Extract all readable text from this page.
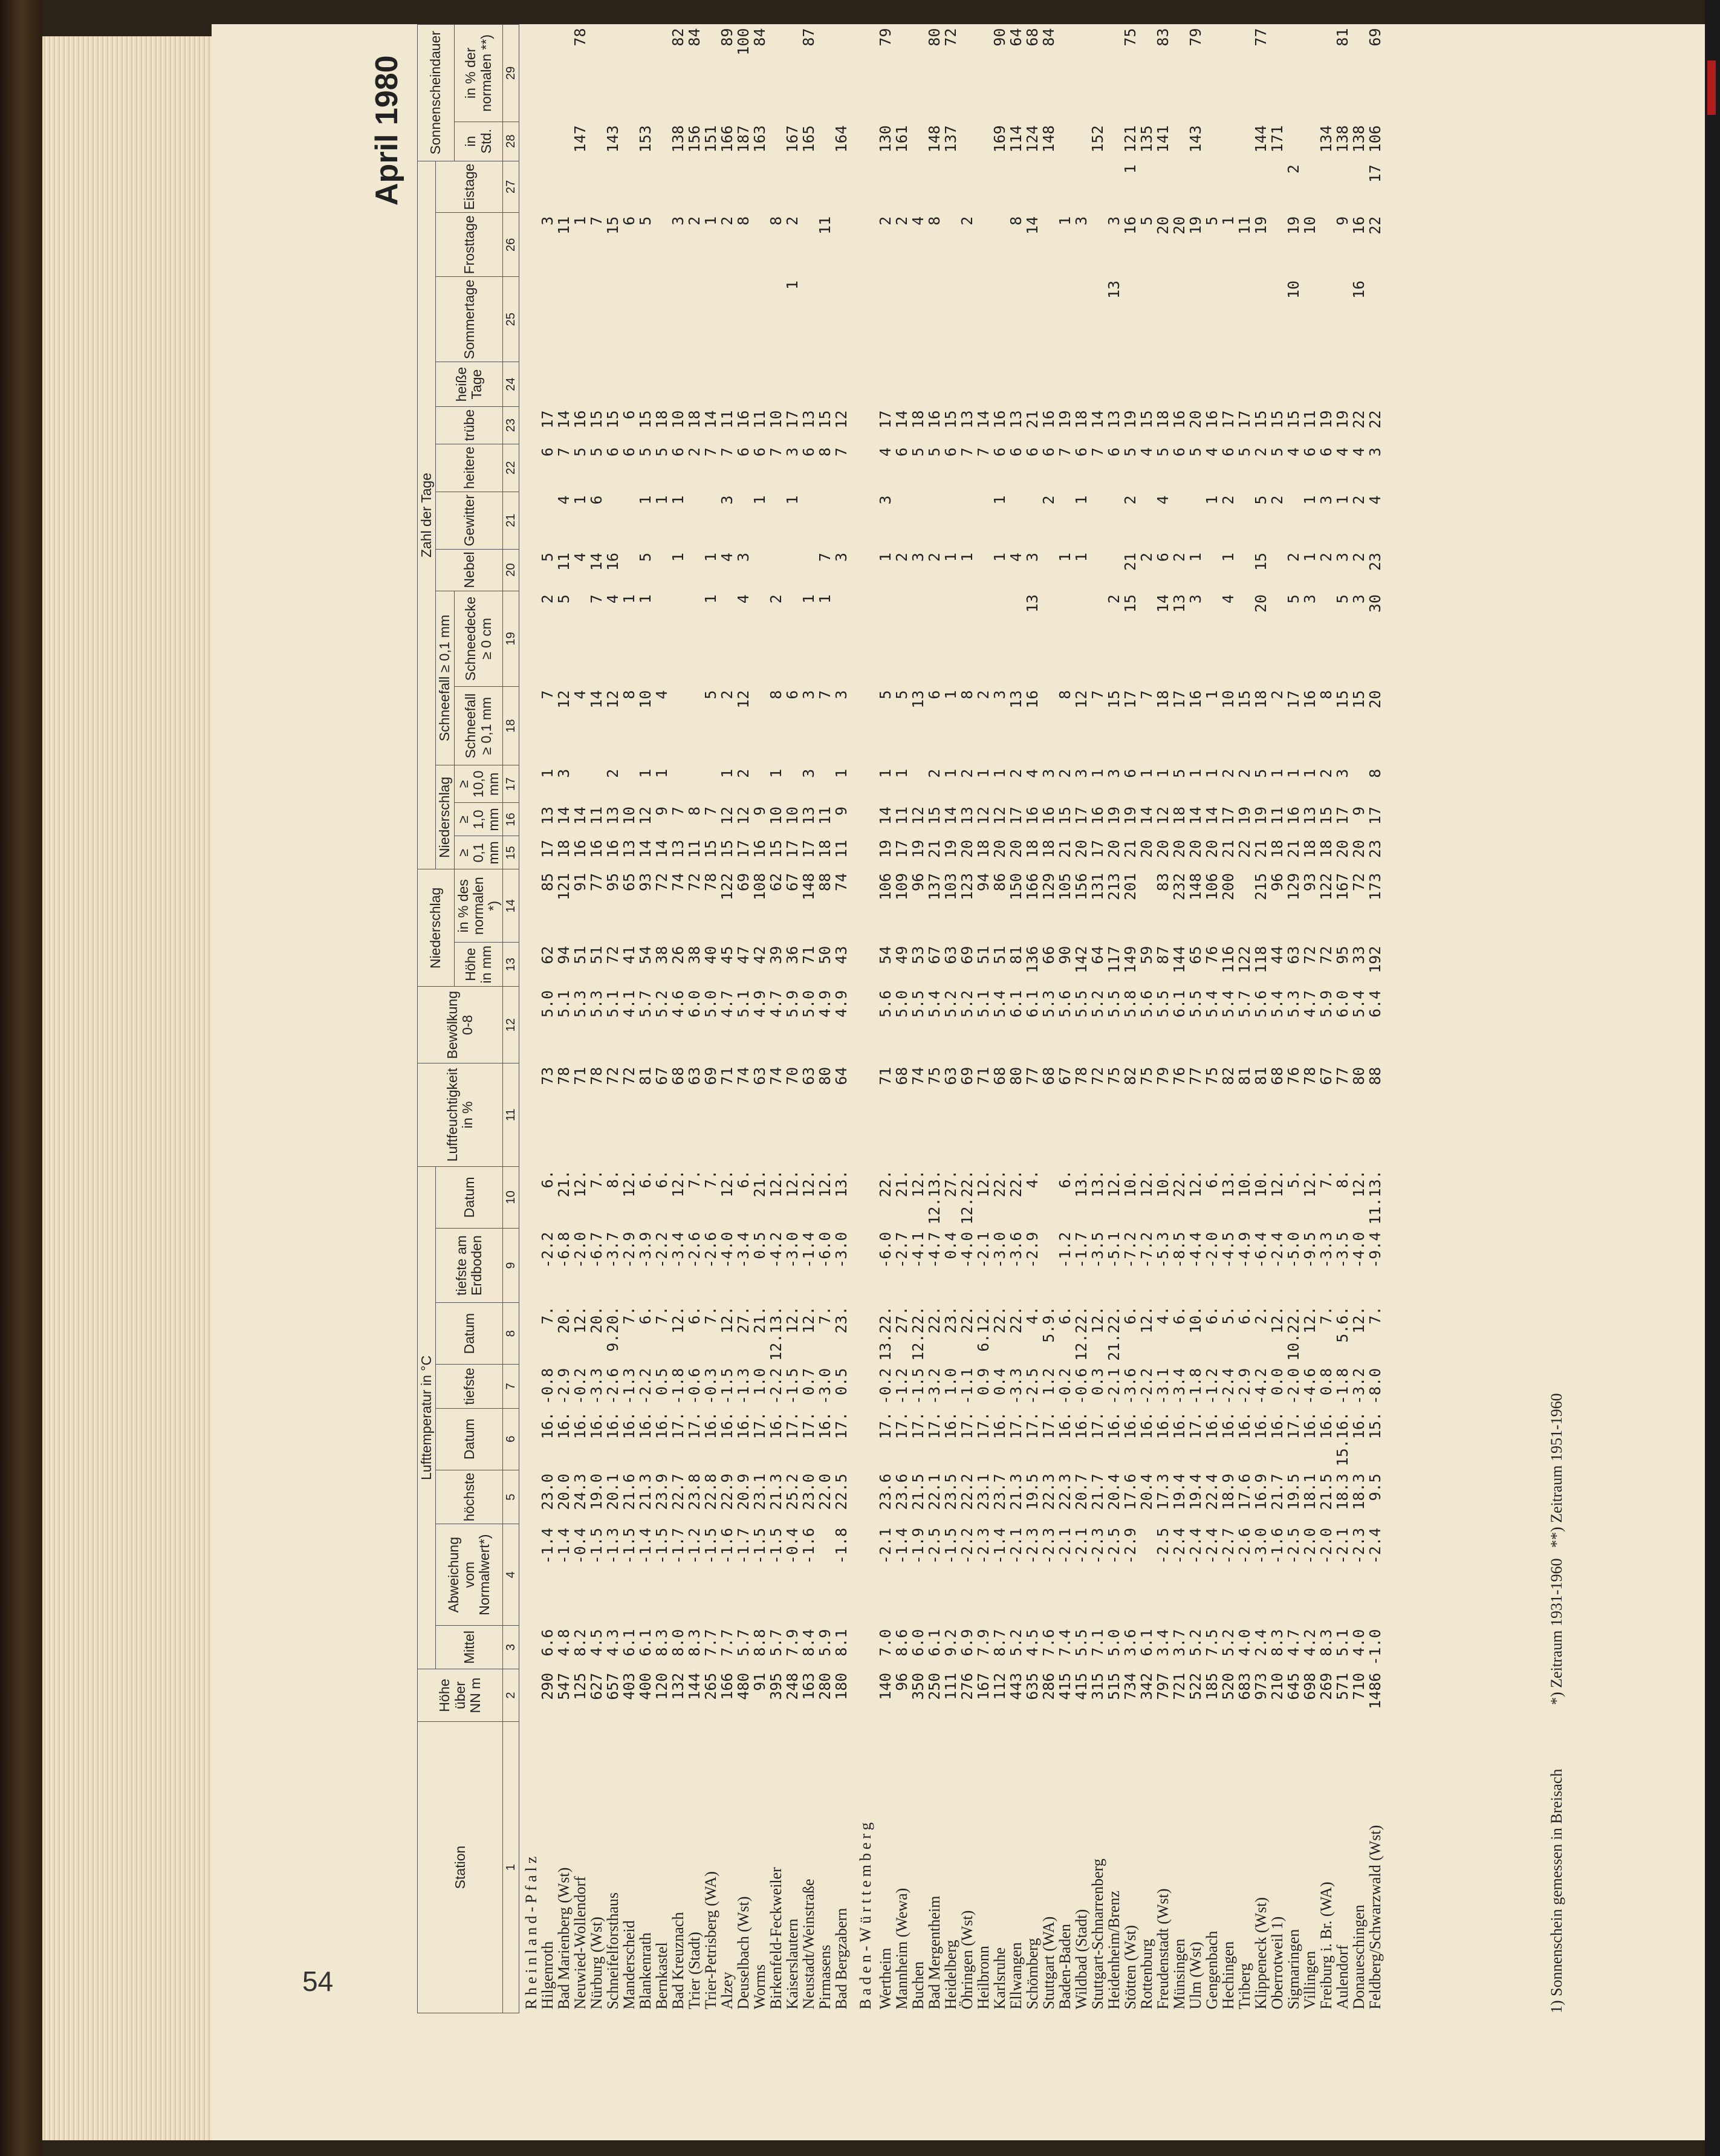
54
April 1980
Station	Höhe über NN m	Lufttemperatur in °C								Luftfeuchtigkeit in %	Bewölkung 0-8	Niederschlag		Zahl der Tage													Sonnenscheindauer	
		Mittel	Abweichung vom Normalwert*)	höchste	Datum	tiefste	Datum	tiefste am Erdboden	Datum					Niederschlag			Schneefall ≥ 0,1 mm		Nebel	Gewitter	heitere	trübe	heiße Tage	Sommertage	Frosttage	Eistage		
												Höhe in mm	in % des normalen *)	≥ 0,1 mm	≥ 1,0 mm	≥ 10,0 mm	Schneefall ≥ 0,1 mm	Schneedecke ≥ 0 cm									in Std.	in % der normalen **)
1	2	3	4	5	6	7	8	9	10	11	12	13	14	15	16	17	18	19	20	21	22	23	24	25	26	27	28	29
Rheinland-Pfalz																												
Hilgenroth	290	6.6	-1.4	23.0	16.	-0.8	7.	-2.2	6.	73	5.0	62	85	17	13	1	7	2	5		6	17			3			
Bad Marienberg (Wst)	547	4.8	-1.4	20.0	16.	-2.9	20.	-6.8	21.	78	5.1	94	121	18	14	3	12	5	11	4	7	14			11			
Neuwied-Wollendorf	125	8.2	-0.4	24.3	16.	-0.2	12.	-2.0	12.	71	5.3	51	91	16	14		4		4	1	5	16			1		147	78
Nürburg (Wst)	627	4.5	-1.5	19.0	16.	-3.3	20.	-6.7	7.	78	5.3	51	77	16	11		14	7	14	6	5	15			7			
Schneifelforsthaus	657	4.3	-1.3	20.1	16.	-2.6	9.20.	-3.7	8.	72	5.1	72	95	16	13	2	12	4	16		6	15			15		143	
Manderscheid	403	6.1	-1.5	21.6	16.	-1.3	7.	-2.9	12.	72	4.1	41	65	13	10		8	1			6	6			6			
Blankenrath	400	6.1	-1.4	21.3	16.	-2.2	6.	-3.9	6.	81	5.7	54	93	14	12	1	10	1	5	1	5	15			5		153	
Bernkastel	120	8.3	-1.5	23.9	16.	0.5	7.	-2.2	6.	67	5.2	38	72	14	9	1	4			1	5	18						
Bad Kreuznach	132	8.0	-1.7	22.7	17.	-1.8	12.	-3.4	12.	68	4.6	26	74	13	7				1	1	6	10			3		138	82
Trier (Stadt)	144	8.3	-1.2	23.8	17.	-0.6	6.	-2.6	7.	63	6.0	38	72	11	8						2	18			2		156	84
Trier-Petrisberg (WA)	265	7.7	-1.5	22.8	16.	-0.3	7.	-2.6	7.	69	5.0	40	78	15	7		5	1	1		7	14			1		151	
Alzey	166	7.7	-1.6	22.9	16.	-1.5	12.	-4.0	12.	71	4.7	45	122	15	12	1	2		4	3	7	11			2		166	89
Deuselbach (Wst)	480	5.7	-1.7	20.9	16.	-1.3	27.	-3.4	6.	74	5.1	47	69	17	12	2	12	4	3		6	16			8		187	100
Worms	91	8.8	-1.5	23.1	17.	1.0	21.	0.5	21.	63	4.9	42	108	16	9					1	6	11					163	84
Birkenfeld-Feckweiler	395	5.7	-1.5	21.3	16.	-2.2	12.13.	-4.2	12.	74	4.7	39	62	15	10	1	8	2			7	10			8			
Kaiserslautern	248	7.9	-0.4	25.2	17.	-1.5	12.	-3.0	12.	70	5.9	36	67	17	10		6			1	3	17		1	2		167	
Neustadt/Weinstraße	163	8.4	-1.6	23.0	17.	0.7	12.	-1.4	12.	63	5.0	71	148	17	13	3	3	1			6	13					165	87
Pirmasens	280	5.9		22.0	16.	-3.0	7.	-6.0	12.	80	4.9	50	88	18	11		7	1	7		8	15			11			
Bad Bergzabern	180	8.1	-1.8	22.5	17.	0.5	23.	-3.0	13.	64	4.9	43	74	11	9	1	3		3		7	12					164	
Baden-Württemberg																												
Wertheim	140	7.0	-2.1	23.6	17.	-0.2	13.22.	-6.0	22.	71	5.6	54	106	19	14	1	5		1	3	4	17			2		130	79
Mannheim (Wewa)	96	8.6	-1.4	23.6	17.	-1.2	27.	-2.7	21.	68	5.0	49	109	17	11	1	5		2		6	14			2		161	
Buchen	350	6.0	-1.9	21.5	17.	-1.5	12.22.	-4.1	12.	74	5.5	53	96	19	12		13		3		5	18			4			
Bad Mergentheim	250	6.1	-2.5	22.1	17.	-3.2	22.	-4.7	12.13.	75	5.4	67	137	21	15	2	6		2		5	16			8		148	80
Heidelberg	111	9.2	-1.5	23.5	16.	1.0	23.	0.4	27.	63	5.2	63	103	19	14	1	1		1		6	15					137	72
Öhringen (Wst)	276	6.9	-2.2	22.2	17.	-1.1	22.	-4.0	12.22.	69	5.2	69	123	20	13	2	8		1		7	13			2			
Heilbronn	167	7.9	-2.3	23.1	17.	0.9	6.12.	-2.1	12.	71	5.1	51	94	18	12	1	2				7	14						
Karlsruhe	112	8.7	-1.4	23.7	16.	0.4	22.	-3.0	22.	68	5.4	51	86	20	12	1	3		1	1	6	16					169	90
Ellwangen	443	5.2	-2.1	21.3	17.	-3.3	22.	-3.6	22.	80	6.1	81	150	20	17	2	13		4		6	13			8		114	64
Schömberg	635	4.5	-2.3	19.5	17.	-2.5	4.	-2.9	4.	77	6.1	136	166	18	16	4	16	13	3		6	21			14		124	68
Stuttgart (WA)	286	7.6	-2.3	22.3	17.	1.2	5.9.			68	5.3	66	129	18	16	3				2	6	16					148	84
Baden-Baden	415	7.4	-2.1	22.3	16.	-0.2	6.	-1.2	6.	67	5.6	90	105	21	15	2	8		1		7	19			1			
Wildbad (Stadt)	415	5.5	-2.1	20.7	16.	-0.6	12.22.	-1.7	13.	78	5.5	142	156	20	17	3	12		1	1	6	18			3			
Stuttgart-Schnarrenberg	315	7.1	-2.3	21.7	17.	0.3	12.	-3.5	13.	72	5.2	64	131	17	16	1	7				7	14					152	
Heidenheim/Brenz	515	5.0	-2.5	20.4	16.	-2.1	21.22.	-5.1	12.	75	5.5	117	213	20	19	3	15	2			6	13		13	3			
Stötten (Wst)	734	3.6	-2.9	17.6	16.	-3.6	6.	-7.2	10.	82	5.8	149	201	21	19	6	17	15	21	2	5	19			16	1	121	75
Rottenburg	342	6.1		20.4	16.	-2.2	12.	-7.2	12.	75	5.6	59		20	14	1	7		2		4	15			5		135	
Freudenstadt (Wst)	797	3.4	-2.5	17.3	16.	-3.1	4.	-5.3	10.	79	5.5	87	83	20	12	1	18	14	6	4	5	18			20		141	83
Münsingen	721	3.7	-2.4	19.4	16.	-3.4	6.	-8.5	22.	76	6.1	144	232	20	18	5	17	13	2		6	16			20			
Ulm (Wst)	522	5.2	-2.4	19.4	17.	-1.8	10.	-4.4	12.	77	5.5	65	148	20	14	1	16	3	1		5	20			19		143	79
Gengenbach	185	7.5	-2.4	22.4	16.	-1.2	6.	-2.0	6.	75	5.4	76	106	20	14	1	1			1	4	16			5			
Hechingen	520	5.2	-2.7	18.9	16.	-2.4	5.	-4.5	13.	82	5.4	116	200	21	17	2	10	4	1	2	6	17			1			
Triberg	683	4.0	-2.6	17.6	16.	-2.9	6.	-4.9	10.	81	5.7	122		22	19	2	15				5	17			11			
Klippeneck (Wst)	973	2.4	-3.0	16.9	16.	-4.2	2.	-6.4	10.	81	5.6	118	215	21	19	5	18	20	15	5	2	15			19		144	77
Oberrotweil 1)	210	8.3	-1.6	21.7	16.	0.0	12.	-2.4	12.	68	5.4	44	96	18	11	1	2			2	5	15					171	
Sigmaringen	645	4.7	-2.5	19.5	17.	-2.0	10.22.	-5.0	5.	76	5.3	63	129	21	16	1	17	5	2		4	15		10	19	2		
Villingen	698	4.2	-2.0	18.1	16.	-4.6	12.	-9.5	12.	78	4.7	72	93	18	13	1	16	3	1	1	6	11			10			
Freiburg i. Br. (WA)	269	8.3	-2.0	21.5	16.	0.8	7.	-3.3	7.	67	5.9	72	122	18	15	2	8		2	3	6	19					134	
Aulendorf	571	5.1	-2.1	18.3	15.16.	-1.8	5.6.	-3.5	8.	77	6.0	95	167	20	17	3	15	5	3	1	4	19			9		138	81
Donaueschingen	710	4.0	-2.3	18.3	16.	-3.2	12.	-4.0	12.	80	5.4	33	72	20	9		15	3	2	2	4	22		16	16		138	
Feldberg/Schwarzwald (Wst)	1486	-1.0	-2.4	9.5	15.	-8.0	7.	-9.4	11.13.	88	6.4	192	173	23	17	8	20	30	23	4	3	22			22	17	106	69
1) Sonnenschein gemessen in Breisach
*) Zeitraum 1931-1960
**) Zeitraum 1951-1960
